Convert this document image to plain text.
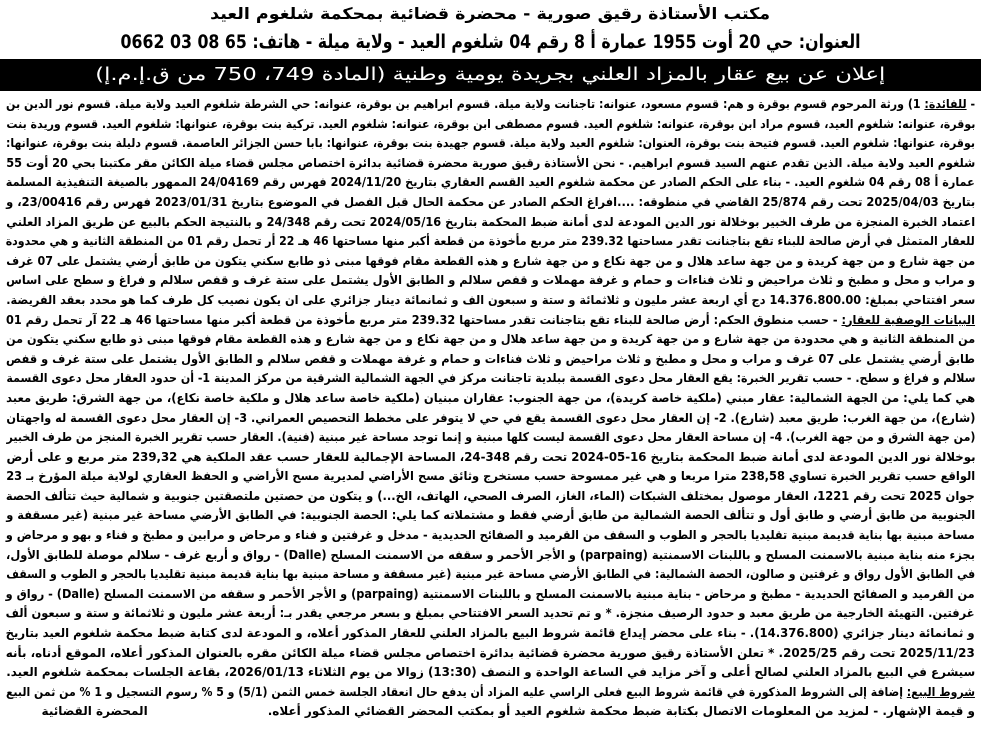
مكتب الأستاذة رقيق صورية - محضرة قضائية بمحكمة شلغوم العيد
العنوان: حي 20 أوت 1955 عمارة أ 8 رقم 04 شلغوم العيد - ولاية ميلة - هاتف: 65 08 03 0662
إعلان عن بيع عقار بالمزاد العلني بجريدة يومية وطنية (المادة 749، 750 من ق.إ.م.إ)
- للفائدة: 1) ورثة المرحوم قسوم بوقرة و هم: قسوم مسعود، عنوانه: تاجنانت ولاية ميلة. قسوم ابراهيم بن بوقرة، عنوانه: حي الشرطة شلغوم العيد ولاية ميلة. قسوم نور الدين بن
بوقرة، عنوانه: شلغوم العيد، قسوم مراد ابن بوقرة، عنوانه: شلغوم العيد. قسوم مصطفى ابن بوقرة، عنوانه: شلغوم العيد. تركية بنت بوقرة، عنوانها: شلغوم العيد. قسوم وريدة بنت
بوقرة، عنوانها: شلغوم العيد. قسوم فتيحة بنت بوقرة، العنوان: شلغوم العيد ولاية ميلة. قسوم جهيدة بنت بوقرة، عنوانها: بابا حسن الجزائر العاصمة. قسوم دليلة بنت بوقرة، عنوانها:
شلغوم العيد ولاية ميلة. الذين تقدم عنهم السيد قسوم ابراهيم. - نحن الأستاذة رقيق صورية محضرة قضائية بدائرة اختصاص مجلس قضاء ميلة الكائن مقر مكتبنا بحي 20 أوت 55
عمارة أ 08 رقم 04 شلغوم العيد. - بناء على الحكم الصادر عن محكمة شلغوم العيد القسم العقاري بتاريخ 2024/11/20 فهرس رقم 24/04169 الممهور بالصيغة التنفيذية المسلمة
بتاريخ 2025/04/03 تحت رقم 25/874 القاضي في منطوقه: ....افراغ الحكم الصادر عن محكمة الحال قبل الفصل في الموضوع بتاريخ 2023/01/31 فهرس رقم 23/00416، و
اعتماد الخبرة المنجزة من طرف الخبير بوخلالة نور الدين المودعة لدى أمانة ضبط المحكمة بتاريخ 2024/05/16 تحت رقم 24/348 و بالنتيجة الحكم بالبيع عن طريق المزاد العلني
للعقار المتمثل في أرض صالحة للبناء تقع بتاجنانت تقدر مساحتها 239.32 متر مربع مأخوذة من قطعة أكبر منها مساحتها 46 هـ 22 أر تحمل رقم 01 من المنطقة الثانية و هي محدودة
من جهة شارع و من جهة كريدة و من جهة ساعد هلال و من جهة نكاع و من جهة شارع و هذه القطعة مقام فوقها مبنى ذو طابع سكني يتكون من طابق أرضي يشتمل على 07 غرف
و مراب و محل و مطبخ و ثلاث مراحيض و ثلاث فناءات و حمام و غرفة مهملات و قفص سلالم و الطابق الأول يشتمل على ستة غرف و قفص سلالم و فراغ و سطح على اساس
سعر افتتاحي بمبلغ: 14.376.800.00 دج أي اربعة عشر مليون و ثلاثمائة و ستة و سبعون الف و ثمانمائة دينار جزائري على ان يكون نصيب كل طرف كما هو محدد بعقد الفريضة.
البيانات الوصفية للعقار: - حسب منطوق الحكم: أرض صالحة للبناء تقع بتاجنانت تقدر مساحتها 239.32 متر مربع مأخوذة من قطعة أكبر منها مساحتها 46 هـ 22 آر تحمل رقم 01
من المنطقة الثانية و هي محدودة من جهة شارع و من جهة كريدة و من جهة ساعد هلال و من جهة نكاع و من جهة شارع و هذه القطعة مقام فوقها مبنى ذو طابع سكني يتكون من
طابق أرضي يشتمل على 07 غرف و مراب و محل و مطبخ و ثلاث مراحيض و ثلاث فناءات و حمام و غرفة مهملات و قفص سلالم و الطابق الأول يشتمل على ستة غرف و قفص
سلالم و فراغ و سطح. - حسب تقرير الخبرة: يقع العقار محل دعوى القسمة ببلدية تاجنانت مركز في الجهة الشمالية الشرقية من مركز المدينة 1- أن حدود العقار محل دعوى القسمة
هي كما يلي: من الجهة الشمالية: عقار مبني (ملكية خاصة كريدة)، من جهة الجنوب: عقاران مبنيان (ملكية خاصة ساعد هلال و ملكية خاصة نكاع)، من جهة الشرق: طريق معبد
(شارع)، من جهة الغرب: طريق معبد (شارع). 2- إن العقار محل دعوى القسمة يقع في حي لا يتوفر على مخطط التحصيص العمراني. 3- إن العقار محل دعوى القسمة له واجهتان
(من جهة الشرق و من جهة الغرب). 4- إن مساحة العقار محل دعوى القسمة ليست كلها مبنية و إنما توجد مساحة غير مبنية (فنية). العقار حسب تقرير الخبرة المنجز من طرف الخبير
بوخلالة نور الدين المودعة لدى أمانة ضبط المحكمة بتاريخ 16-05-2024 تحت رقم 348-24، المساحة الإجمالية للعقار حسب عقد الملكية هي 239,32 متر مربع و على أرض
الواقع حسب تقرير الخبرة تساوي 238,58 مترا مربعا و هي غير ممسوحة حسب مستخرج وثائق مسح الأراضي لمديرية مسح الأراضي و الحفظ العقاري لولاية ميلة المؤرخ بـ 23
جوان 2025 تحت رقم 1221، العقار موصول بمختلف الشبكات (الماء، الغاز، الصرف الصحي، الهاتف، الخ...) و يتكون من حصتين ملتصقتين جنوبية و شمالية حيث تتألف الحصة
الجنوبية من طابق أرضي و طابق أول و تتألف الحصة الشمالية من طابق أرضي فقط و مشتملاته كما يلي: الحصة الجنوبية: في الطابق الأرضي مساحة غير مبنية (غير مسقفة و
مساحة مبنية بها بناية قديمة مبنية تقليديا بالحجر و الطوب و السقف من القرميد و الصفائح الحديدية - مدخل و غرفتين و فناء و مرحاض و مرابين و مطبخ و فناء و بهو و مرحاض و
بجزء منه بناية مبنية بالاسمنت المسلح و باللبنات الاسمنتية (parpaing) و الأجر الأحمر و سقفه من الاسمنت المسلح (Dalle) - رواق و أربع غرف - سلالم موصلة للطابق الأول،
في الطابق الأول رواق و غرفتين و صالون، الحصة الشمالية: في الطابق الأرضي مساحة غير مبنية (غير مسقفة و مساحة مبنية بها بناية قديمة مبنية تقليديا بالحجر و الطوب و السقف
من القرميد و الصفائح الحديدية - مطبخ و مرحاض - بناية مبنية بالاسمنت المسلح و باللبنات الاسمنتية (parpaing) و الأجر الأحمر و سقفه من الاسمنت المسلح (Dalle) - رواق و
غرفتين. التهيئة الخارجية من طريق معبد و حدود الرصيف منجزة. * و تم تحديد السعر الافتتاحي بمبلغ و بسعر مرجعي يقدر بـ: أربعة عشر مليون و ثلاثمائة و ستة و سبعون ألف
و ثمانمائة دينار جزائري (14.376.800). - بناء على محضر إيداع قائمة شروط البيع بالمزاد العلني للعقار المذكور أعلاه، و المودعة لدى كتابة ضبط محكمة شلغوم العيد بتاريخ
2025/11/23 تحت رقم 2025/25. * تعلن الأستاذة رقيق صورية محضرة قضائية بدائرة اختصاص مجلس قضاء ميلة الكائن مقره بالعنوان المذكور أعلاه، الموقع أدناه، بأنه
سيشرع في البيع بالمزاد العلني لصالح أعلى و آخر مزايد في الساعة الواحدة و النصف (13:30) زوالا من يوم الثلاثاء 2026/01/13، بقاعة الجلسات بمحكمة شلغوم العيد.
شروط البيع: إضافة إلى الشروط المذكورة في قائمة شروط البيع فعلى الراسي عليه المزاد أن يدفع حال انعقاد الجلسة خمس الثمن (5/1) و 5 % رسوم التسجيل و 1 % من ثمن البيع
و قيمة الإشهار. - لمزيد من المعلومات الاتصال بكتابة ضبط محكمة شلغوم العيد أو بمكتب المحضر القضائي المذكور أعلاه.المحضرة القضائية
